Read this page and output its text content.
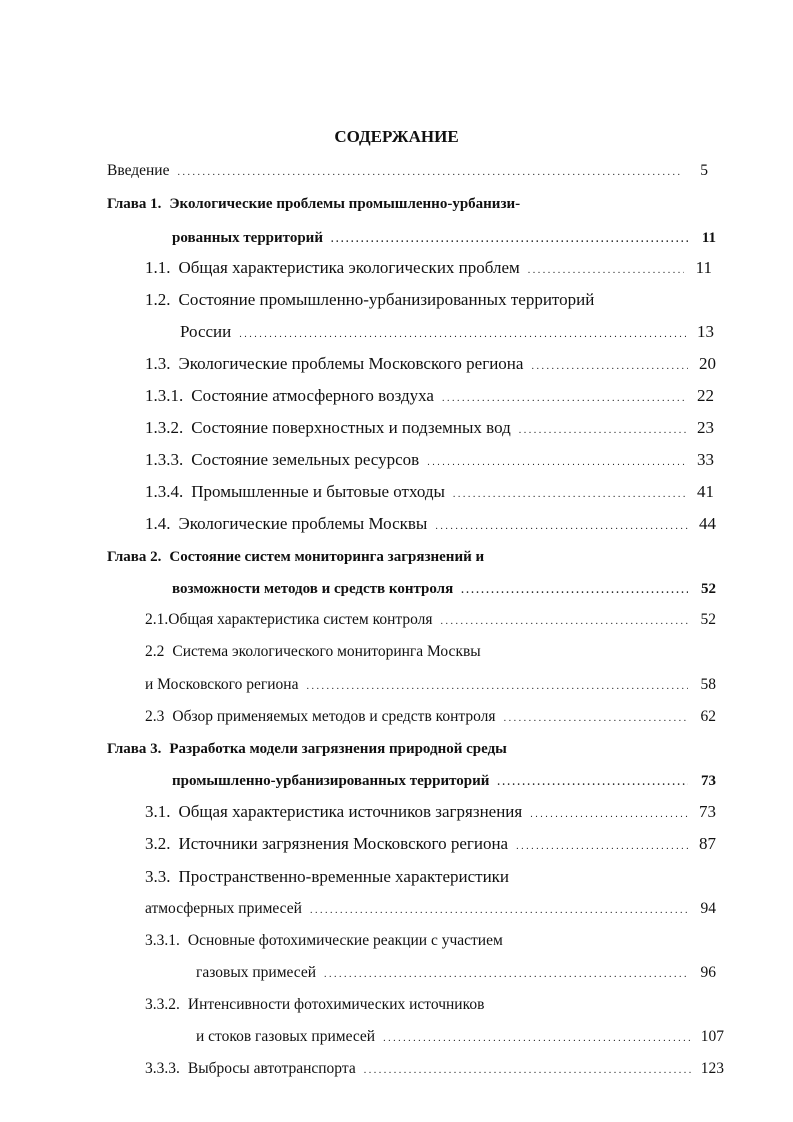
СОДЕРЖАНИЕ
Введение . . .	5
Глава 1. Экологические проблемы промышленно-урбанизи-
рованных территорий . . .	11
1.1. Общая характеристика экологических проблем . . .	11
1.2. Состояние промышленно-урбанизированных территорий
России . . .	13
1.3. Экологические проблемы Московского региона . . .	20
1.3.1. Состояние атмосферного воздуха . . .	22
1.3.2. Состояние поверхностных и подземных вод . . .	23
1.3.3. Состояние земельных ресурсов . . .	33
1.3.4. Промышленные и бытовые отходы . . .	41
1.4. Экологические проблемы Москвы . . .	44
Глава 2. Состояние систем мониторинга загрязнений и
возможности методов и средств контроля . . .	52
2.1. Общая характеристика систем контроля . . .	52
2.2 Система экологического мониторинга Москвы
и Московского региона . . .	58
2.3 Обзор применяемых методов и средств контроля . . .	62
Глава 3. Разработка модели загрязнения природной среды
промышленно-урбанизированных территорий . . .	73
3.1. Общая характеристика источников загрязнения . . .	73
3.2. Источники загрязнения Московского региона . . .	87
3.3. Пространственно-временные характеристики
атмосферных примесей . . .	94
3.3.1. Основные фотохимические реакции с участием
газовых примесей . . .	96
3.3.2. Интенсивности фотохимических источников
и стоков газовых примесей . . .	107
3.3.3. Выбросы автотранспорта . . .	123
